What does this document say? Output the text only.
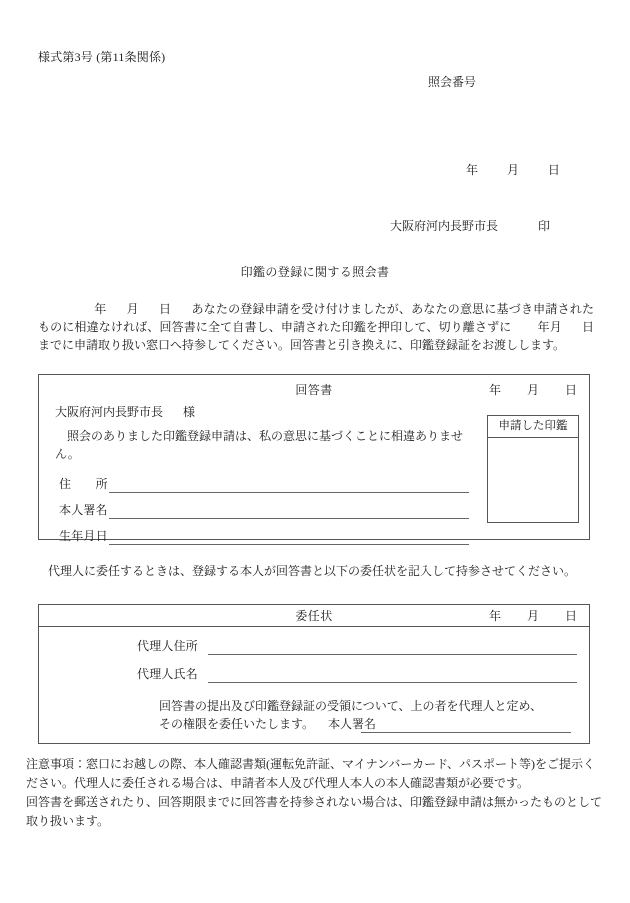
様式第3号 (第11条関係)
照会番号
年 月 日
大阪府河内長野市長	印
印鑑の登録に関する照会書
年 月 日 あなたの登録申請を受け付けましたが、あなたの意思に基づき申請されたものに相違なければ、回答書に全て自書し、申請された印鑑を押印して、切り離さずに 年月 日までに申請取り扱い窓口へ持参してください。回答書と引き換えに、印鑑登録証をお渡しします。
回答書	年 月 日
大阪府河内長野市長 様
照会のありました印鑑登録申請は、私の意思に基づくことに相違ありません。
住　　所
本人署名
生年月日
申請した印鑑
代理人に委任するときは、登録する本人が回答書と以下の委任状を記入して持参させてください。
委任状	年 月 日
代理人住所
代理人氏名
回答書の提出及び印鑑登録証の受領について、上の者を代理人と定め、
その権限を委任いたします。 本人署名

注意事項：窓口にお越しの際、本人確認書類(運転免許証、マイナンバーカード、パスポート等)をご提示ください。代理人に委任される場合は、申請者本人及び代理人本人の本人確認書類が必要です。

回答書を郵送されたり、回答期限までに回答書を持参されない場合は、印鑑登録申請は無かったものとして取り扱います。
